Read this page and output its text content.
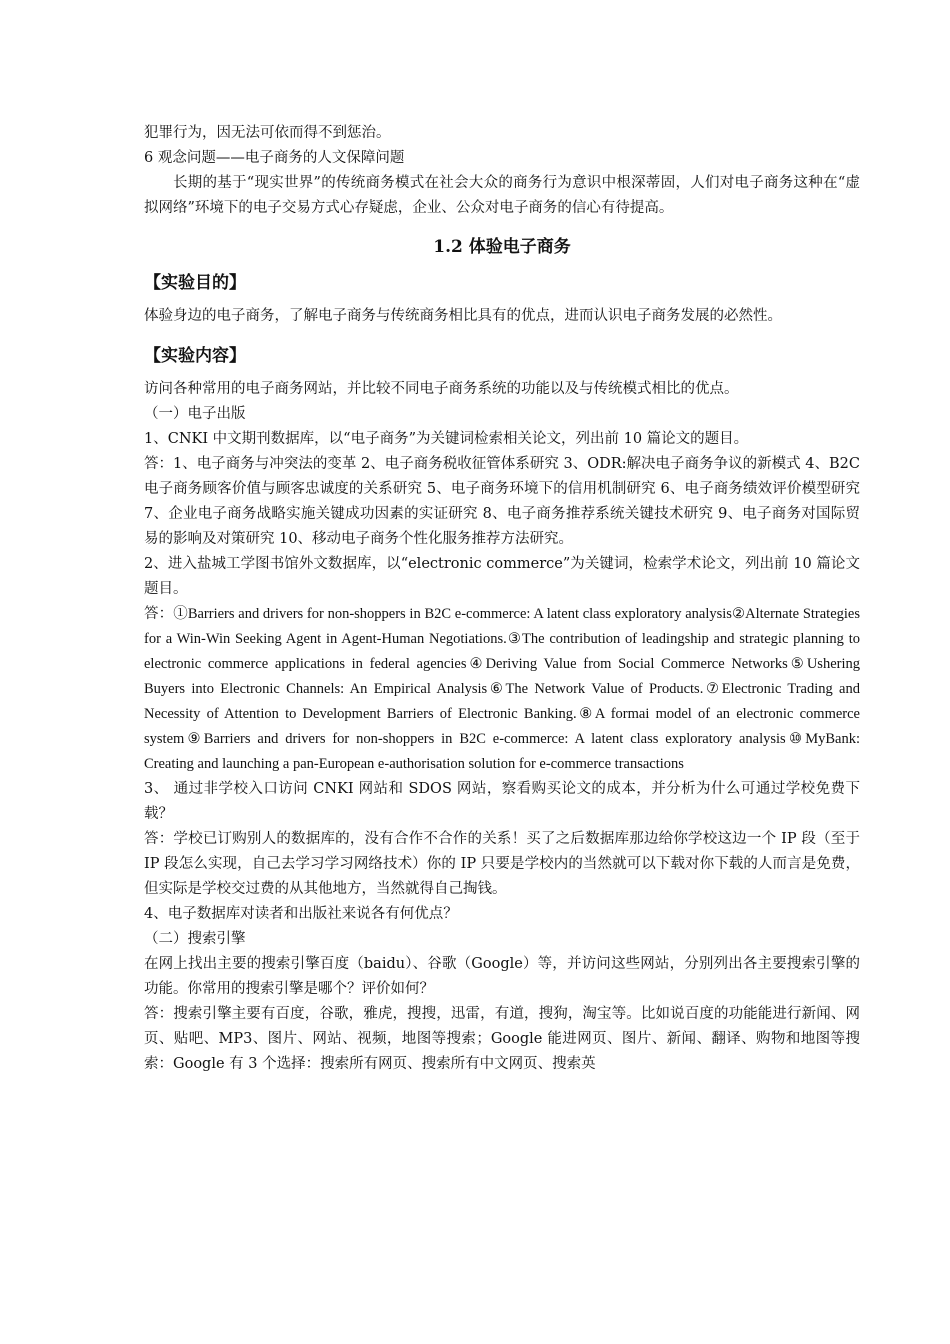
犯罪行为，因无法可依而得不到惩治。

6 观念问题——电子商务的人文保障问题

长期的基于“现实世界”的传统商务模式在社会大众的商务行为意识中根深蒂固，人们对电子商务这种在“虚拟网络”环境下的电子交易方式心存疑虑，企业、公众对电子商务的信心有待提高。

1.2 体验电子商务
【实验目的】

体验身边的电子商务，了解电子商务与传统商务相比具有的优点，进而认识电子商务发展的必然性。

【实验内容】

访问各种常用的电子商务网站，并比较不同电子商务系统的功能以及与传统模式相比的优点。

（一）电子出版

1、CNKI 中文期刊数据库，以“电子商务”为关键词检索相关论文，列出前 10 篇论文的题目。

答：1、电子商务与冲突法的变革 2、电子商务税收征管体系研究 3、ODR:解决电子商务争议的新模式 4、B2C 电子商务顾客价值与顾客忠诚度的关系研究 5、电子商务环境下的信用机制研究 6、电子商务绩效评价模型研究 7、企业电子商务战略实施关键成功因素的实证研究 8、电子商务推荐系统关键技术研究 9、电子商务对国际贸易的影响及对策研究 10、移动电子商务个性化服务推荐方法研究。

2、进入盐城工学图书馆外文数据库，以“electronic commerce”为关键词，检索学术论文，列出前 10 篇论文题目。

答：①Barriers and drivers for non-shoppers in B2C e-commerce: A latent class exploratory analysis②Alternate Strategies for a Win-Win Seeking Agent in Agent-Human Negotiations.③The contribution of leadingship and strategic planning to electronic commerce applications in federal agencies④Deriving Value from Social Commerce Networks⑤Ushering Buyers into Electronic Channels: An Empirical Analysis⑥The Network Value of Products.⑦Electronic Trading and Necessity of Attention to Development Barriers of Electronic Banking.⑧A formai model of an electronic commerce system⑨Barriers and drivers for non-shoppers in B2C e-commerce: A latent class exploratory analysis⑩MyBank: Creating and launching a pan-European e-authorisation solution for e-commerce transactions

3、 通过非学校入口访问 CNKI 网站和 SDOS 网站，察看购买论文的成本，并分析为什么可通过学校免费下载？

答：学校已订购别人的数据库的，没有合作不合作的关系！买了之后数据库那边给你学校这边一个 IP 段（至于 IP 段怎么实现，自己去学习学习网络技术）你的 IP 只要是学校内的当然就可以下载对你下载的人而言是免费，但实际是学校交过费的从其他地方，当然就得自己掏钱。

4、电子数据库对读者和出版社来说各有何优点？

（二）搜索引擎

在网上找出主要的搜索引擎百度（baidu）、谷歌（Google）等，并访问这些网站，分别列出各主要搜索引擎的功能。你常用的搜索引擎是哪个？评价如何？

答：搜索引擎主要有百度，谷歌，雅虎，搜搜，迅雷，有道，搜狗，淘宝等。比如说百度的功能能进行新闻、网页、贴吧、MP3、图片、网站、视频，地图等搜索；Google 能进网页、图片、新闻、翻译、购物和地图等搜索：Google 有 3 个选择：搜索所有网页、搜索所有中文网页、搜索英
